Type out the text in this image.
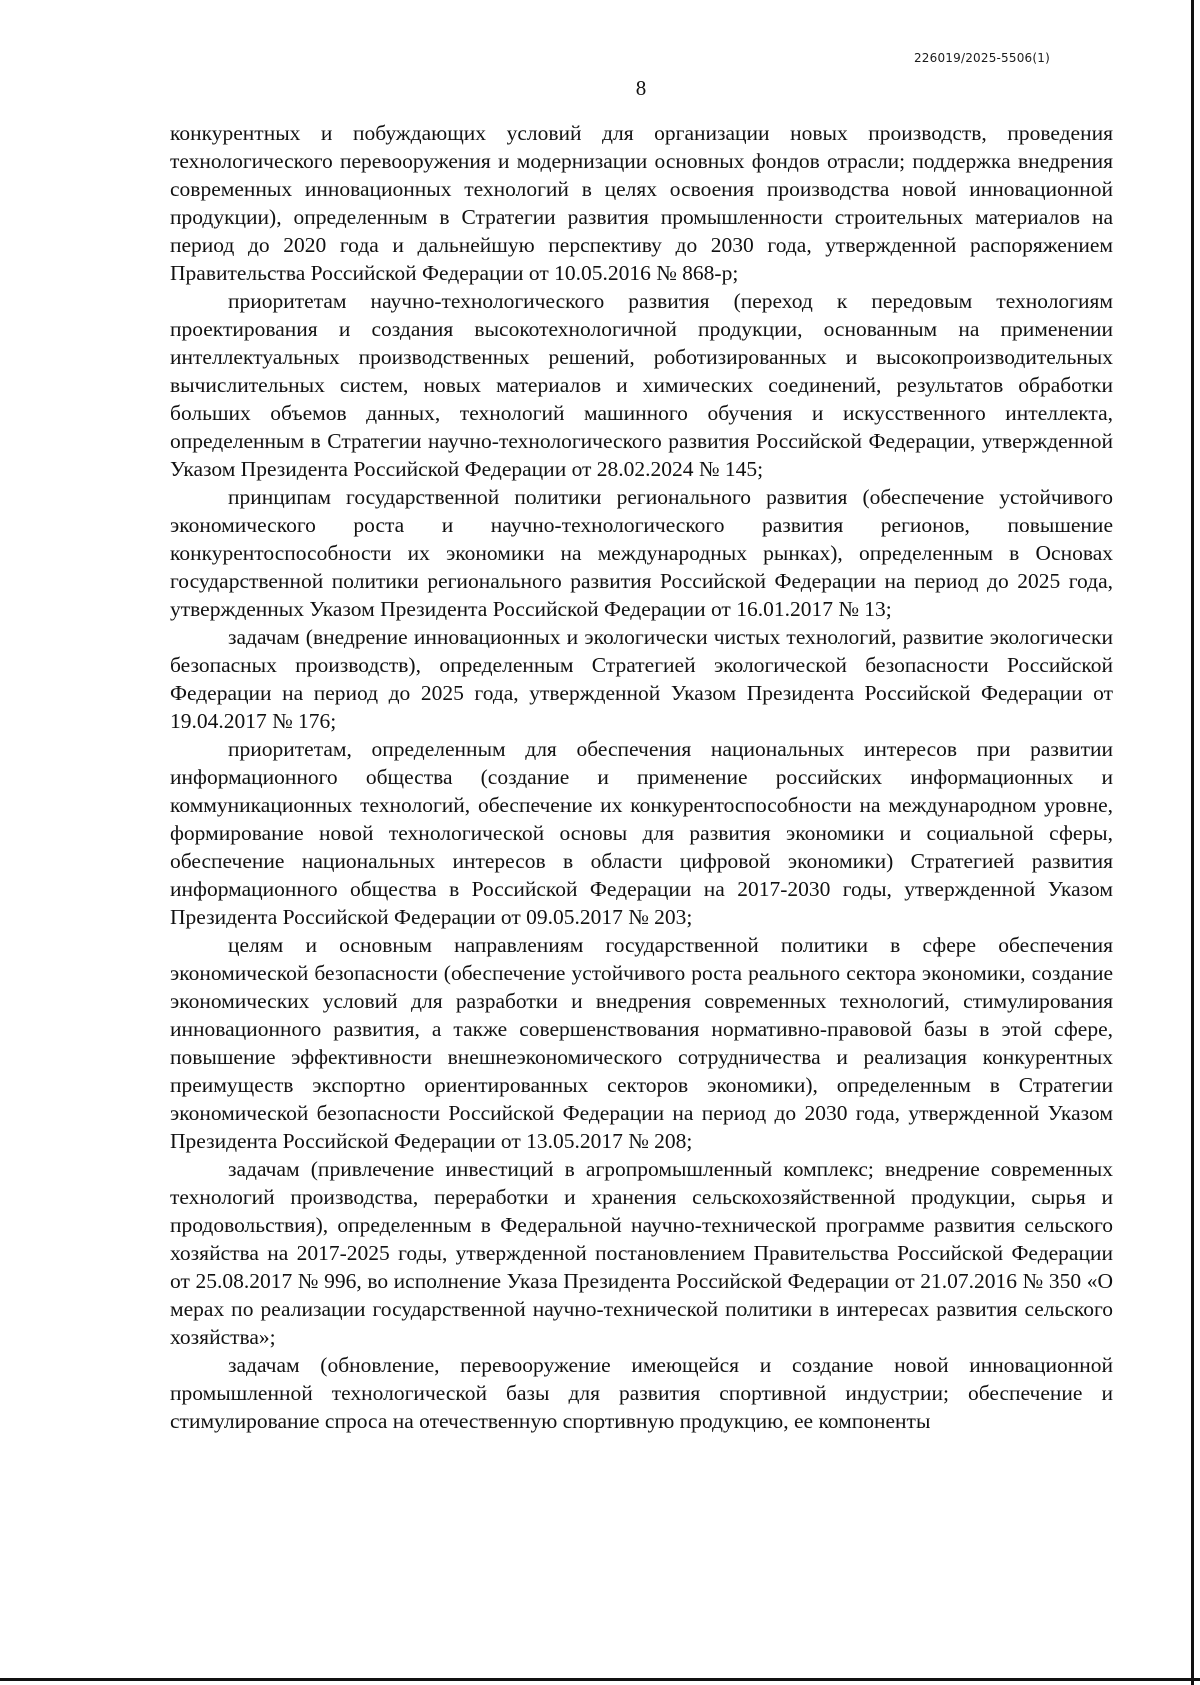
226019/2025-5506(1)
8

конкурентных и побуждающих условий для организации новых производств, проведения технологического перевооружения и модернизации основных фондов отрасли; поддержка внедрения современных инновационных технологий в целях освоения производства новой инновационной продукции), определенным в Стратегии развития промышленности строительных материалов на период до 2020 года и дальнейшую перспективу до 2030 года, утвержденной распоряжением Правительства Российской Федерации от 10.05.2016 № 868-р;

приоритетам научно-технологического развития (переход к передовым технологиям проектирования и создания высокотехнологичной продукции, основанным на применении интеллектуальных производственных решений, роботизированных и высокопроизводительных вычислительных систем, новых материалов и химических соединений, результатов обработки больших объемов данных, технологий машинного обучения и искусственного интеллекта, определенным в Стратегии научно-технологического развития Российской Федерации, утвержденной Указом Президента Российской Федерации от 28.02.2024 № 145;

принципам государственной политики регионального развития (обеспечение устойчивого экономического роста и научно-технологического развития регионов, повышение конкурентоспособности их экономики на международных рынках), определенным в Основах государственной политики регионального развития Российской Федерации на период до 2025 года, утвержденных Указом Президента Российской Федерации от 16.01.2017 № 13;

задачам (внедрение инновационных и экологически чистых технологий, развитие экологически безопасных производств), определенным Стратегией экологической безопасности Российской Федерации на период до 2025 года, утвержденной Указом Президента Российской Федерации от 19.04.2017 № 176;

приоритетам, определенным для обеспечения национальных интересов при развитии информационного общества (создание и применение российских информационных и коммуникационных технологий, обеспечение их конкурентоспособности на международном уровне, формирование новой технологической основы для развития экономики и социальной сферы, обеспечение национальных интересов в области цифровой экономики) Стратегией развития информационного общества в Российской Федерации на 2017-2030 годы, утвержденной Указом Президента Российской Федерации от 09.05.2017 № 203;

целям и основным направлениям государственной политики в сфере обеспечения экономической безопасности (обеспечение устойчивого роста реального сектора экономики, создание экономических условий для разработки и внедрения современных технологий, стимулирования инновационного развития, а также совершенствования нормативно-правовой базы в этой сфере, повышение эффективности внешнеэкономического сотрудничества и реализация конкурентных преимуществ экспортно ориентированных секторов экономики), определенным в Стратегии экономической безопасности Российской Федерации на период до 2030 года, утвержденной Указом Президента Российской Федерации от 13.05.2017 № 208;

задачам (привлечение инвестиций в агропромышленный комплекс; внедрение современных технологий производства, переработки и хранения сельскохозяйственной продукции, сырья и продовольствия), определенным в Федеральной научно-технической программе развития сельского хозяйства на 2017-2025 годы, утвержденной постановлением Правительства Российской Федерации от 25.08.2017 № 996, во исполнение Указа Президента Российской Федерации от 21.07.2016 № 350 «О мерах по реализации государственной научно-технической политики в интересах развития сельского хозяйства»;

задачам (обновление, перевооружение имеющейся и создание новой инновационной промышленной технологической базы для развития спортивной индустрии; обеспечение и стимулирование спроса на отечественную спортивную продукцию, ее компоненты
